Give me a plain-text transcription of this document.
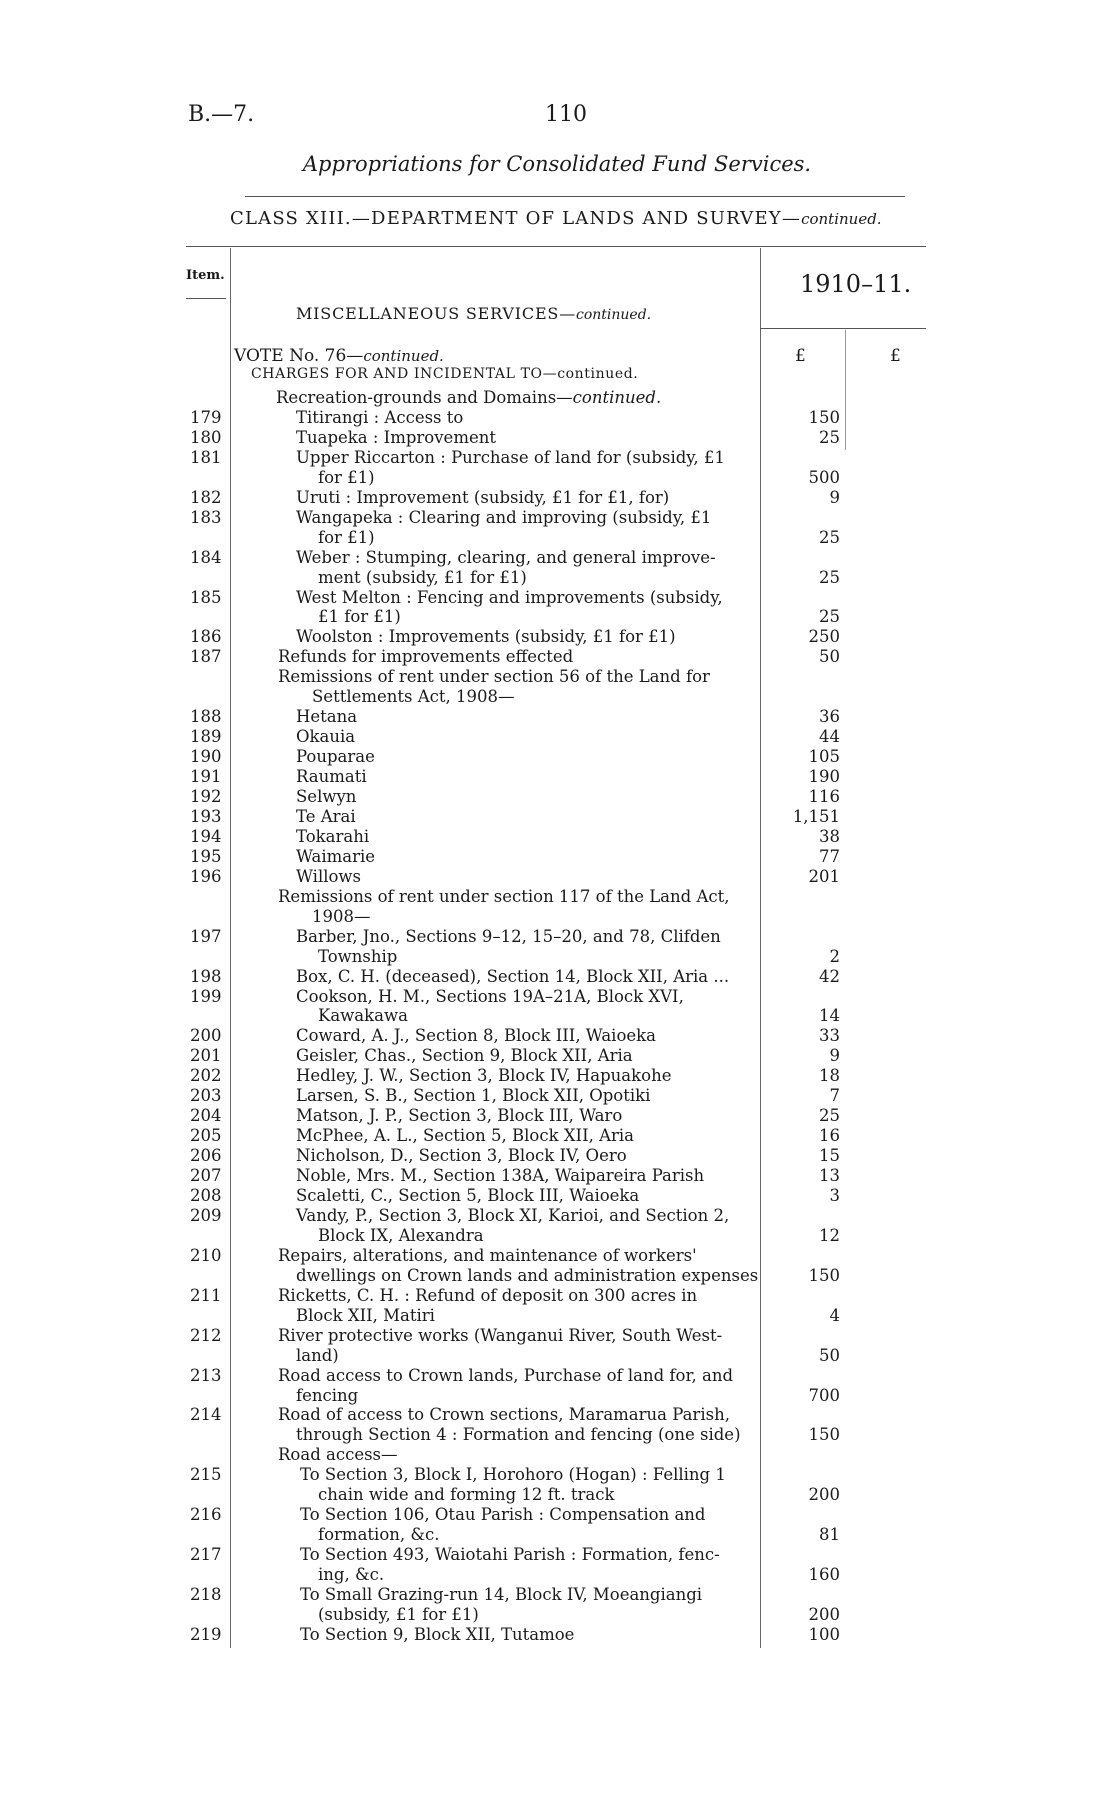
B.—7.	110
Appropriations for Consolidated Fund Services.
CLASS XIII.—DEPARTMENT OF LANDS AND SURVEY—continued.
Item.
MISCELLANEOUS SERVICES—continued.
1910–11.
£	£
VOTE No. 76—continued.
CHARGES FOR AND INCIDENTAL TO—continued.
Recreation-grounds and Domains—continued.
179	Titirangi : Access to	150
180	Tuapeka : Improvement	25
181	Upper Riccarton : Purchase of land for (subsidy, £1
for £1)	500
182	Uruti : Improvement (subsidy, £1 for £1, for)	9
183	Wangapeka : Clearing and improving (subsidy, £1
for £1)	25
184	Weber : Stumping, clearing, and general improve-
ment (subsidy, £1 for £1)	25
185	West Melton : Fencing and improvements (subsidy,
£1 for £1)	25
186	Woolston : Improvements (subsidy, £1 for £1)	250
187	Refunds for improvements effected	50
Remissions of rent under section 56 of the Land for
Settlements Act, 1908—
188	Hetana	36
189	Okauia	44
190	Pouparae	105
191	Raumati	190
192	Selwyn	116
193	Te Arai	1,151
194	Tokarahi	38
195	Waimarie	77
196	Willows	201
Remissions of rent under section 117 of the Land Act,
1908—
197	Barber, Jno., Sections 9–12, 15–20, and 78, Clifden
Township	2
198	Box, C. H. (deceased), Section 14, Block XII, Aria ...	42
199	Cookson, H. M., Sections 19A–21A, Block XVI,
Kawakawa	14
200	Coward, A. J., Section 8, Block III, Waioeka	33
201	Geisler, Chas., Section 9, Block XII, Aria	9
202	Hedley, J. W., Section 3, Block IV, Hapuakohe	18
203	Larsen, S. B., Section 1, Block XII, Opotiki	7
204	Matson, J. P., Section 3, Block III, Waro	25
205	McPhee, A. L., Section 5, Block XII, Aria	16
206	Nicholson, D., Section 3, Block IV, Oero	15
207	Noble, Mrs. M., Section 138A, Waipareira Parish	13
208	Scaletti, C., Section 5, Block III, Waioeka	3
209	Vandy, P., Section 3, Block XI, Karioi, and Section 2,
Block IX, Alexandra	12
210	Repairs, alterations, and maintenance of workers'
dwellings on Crown lands and administration expenses	150
211	Ricketts, C. H. : Refund of deposit on 300 acres in
Block XII, Matiri	4
212	River protective works (Wanganui River, South West-
land)	50
213	Road access to Crown lands, Purchase of land for, and
fencing	700
214	Road of access to Crown sections, Maramarua Parish,
through Section 4 : Formation and fencing (one side)	150
Road access—
215	To Section 3, Block I, Horohoro (Hogan) : Felling 1
chain wide and forming 12 ft. track	200
216	To Section 106, Otau Parish : Compensation and
formation, &c.	81
217	To Section 493, Waiotahi Parish : Formation, fenc-
ing, &c.	160
218	To Small Grazing-run 14, Block IV, Moeangiangi
(subsidy, £1 for £1)	200
219	To Section 9, Block XII, Tutamoe	100
